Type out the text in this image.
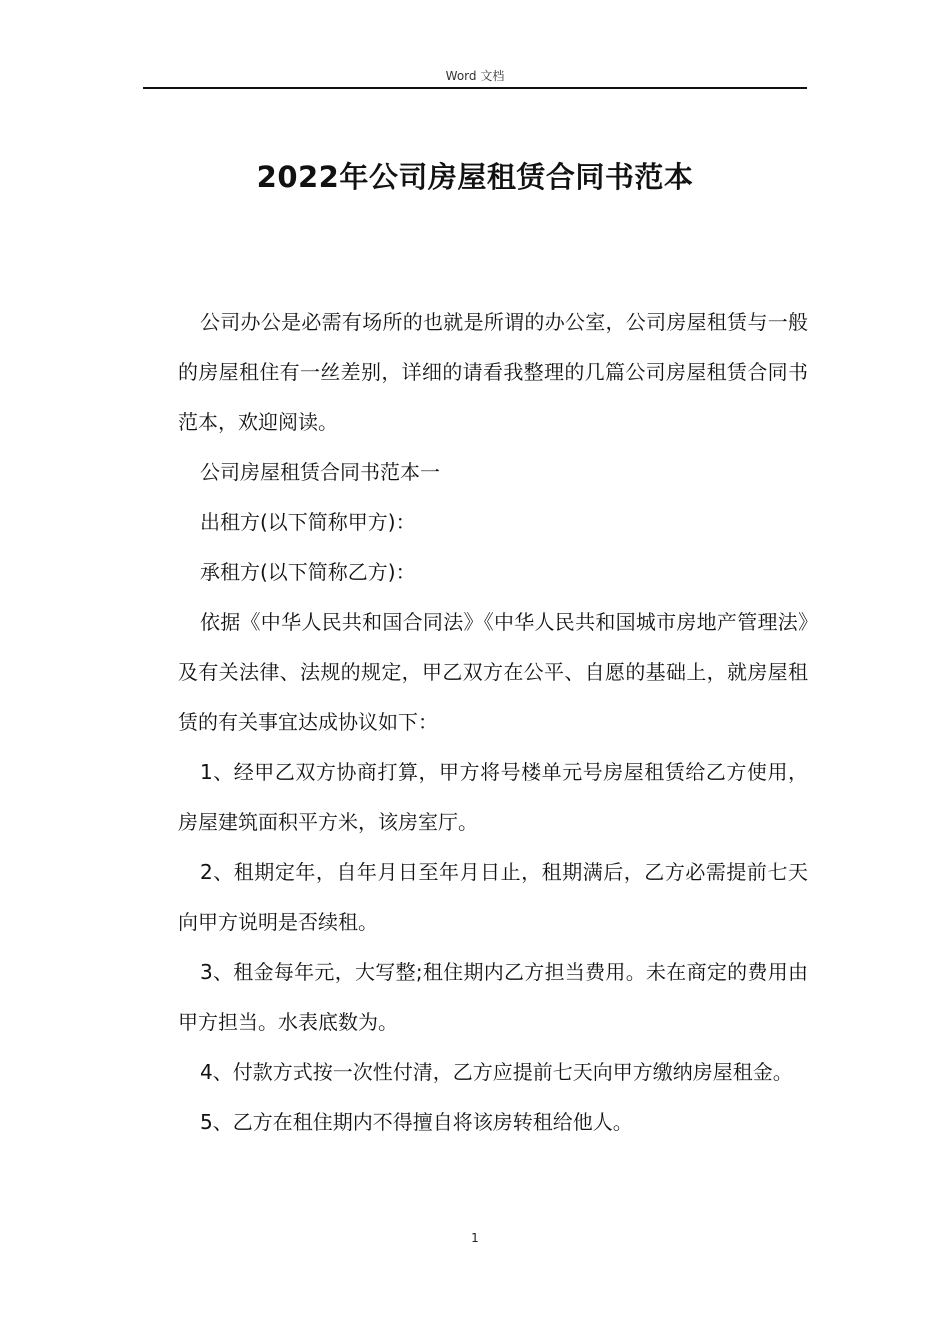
Word 文档
2022年公司房屋租赁合同书范本

公司办公是必需有场所的也就是所谓的办公室，公司房屋租赁与一般的房屋租住有一丝差别，详细的请看我整理的几篇公司房屋租赁合同书范本，欢迎阅读。

公司房屋租赁合同书范本一

出租方(以下简称甲方)：

承租方(以下简称乙方)：

依据《中华人民共和国合同法》《中华人民共和国城市房地产管理法》及有关法律、法规的规定，甲乙双方在公平、自愿的基础上，就房屋租赁的有关事宜达成协议如下：

1、经甲乙双方协商打算，甲方将号楼单元号房屋租赁给乙方使用，房屋建筑面积平方米，该房室厅。

2、租期定年，自年月日至年月日止，租期满后，乙方必需提前七天向甲方说明是否续租。

3、租金每年元，大写整;租住期内乙方担当费用。未在商定的费用由甲方担当。水表底数为。

4、付款方式按一次性付清，乙方应提前七天向甲方缴纳房屋租金。

5、乙方在租住期内不得擅自将该房转租给他人。

1
